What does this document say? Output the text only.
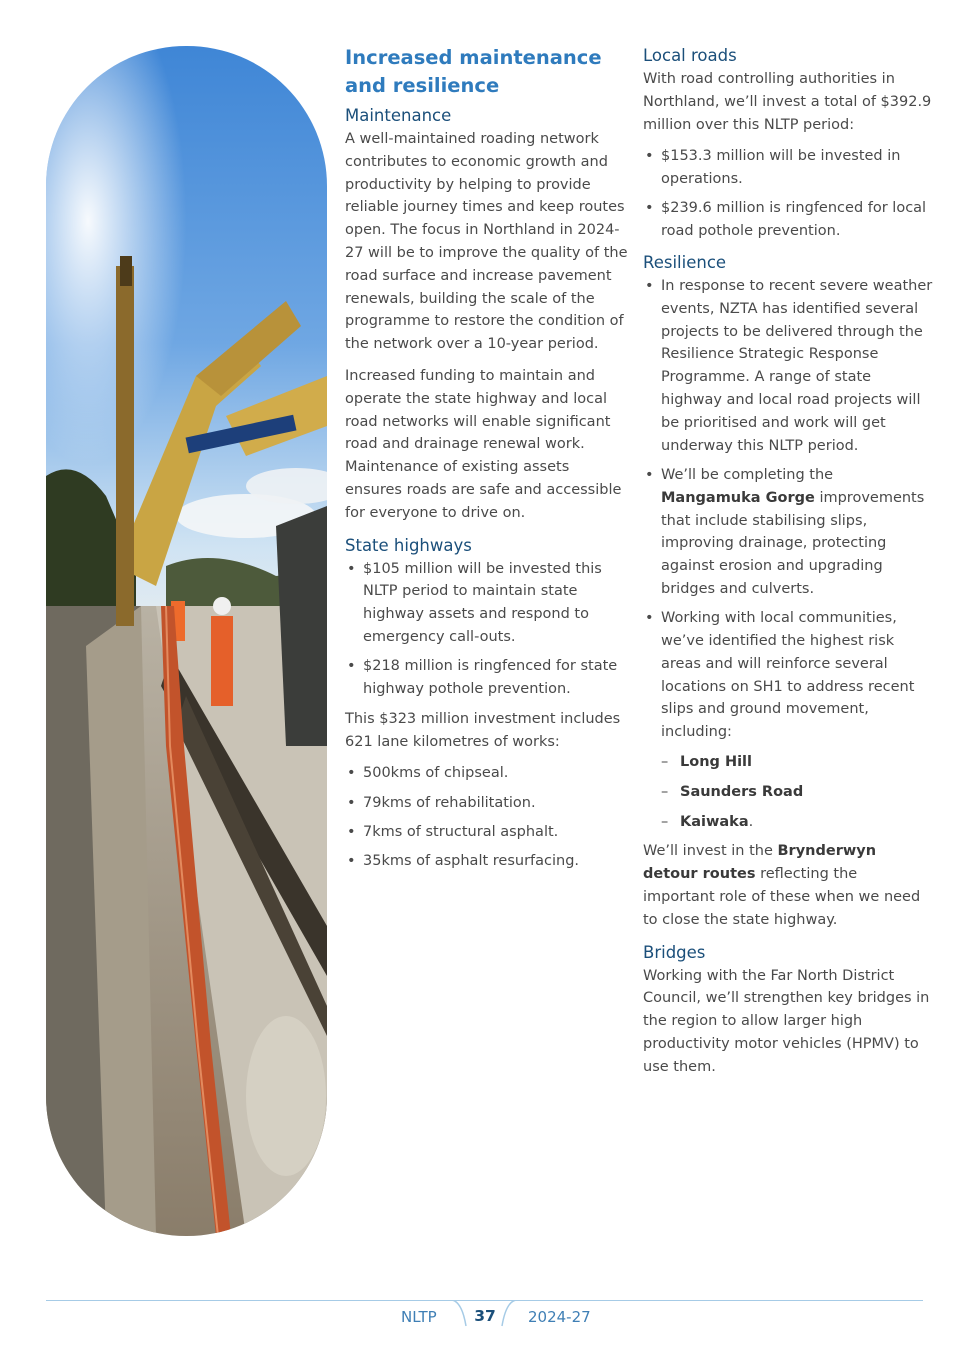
Increased maintenance and resilience
Maintenance

A well-maintained roading network contributes to economic growth and productivity by helping to provide reliable journey times and keep routes open. The focus in Northland in 2024-27 will be to improve the quality of the road surface and increase pavement renewals, building the scale of the programme to restore the condition of the network over a 10-year period.

Increased funding to maintain and operate the state highway and local road networks will enable significant road and drainage renewal work. Maintenance of existing assets ensures roads are safe and accessible for everyone to drive on.

State highways
• $105 million will be invested this NLTP period to maintain state highway assets and respond to emergency call-outs.
• $218 million is ringfenced for state highway pothole prevention.

This $323 million investment includes 621 lane kilometres of works:

• 500kms of chipseal.
• 79kms of rehabilitation.
• 7kms of structural asphalt.
• 35kms of asphalt resurfacing.
Local roads

With road controlling authorities in Northland, we’ll invest a total of $392.9 million over this NLTP period:

• $153.3 million will be invested in operations.
• $239.6 million is ringfenced for local road pothole prevention.
Resilience
• In response to recent severe weather events, NZTA has identified several projects to be delivered through the Resilience Strategic Response Programme. A range of state highway and local road projects will be prioritised and work will get underway this NLTP period.
• We’ll be completing the Mangamuka Gorge improvements that include stabilising slips, improving drainage, protecting against erosion and upgrading bridges and culverts.
• Working with local communities, we’ve identified the highest risk areas and will reinforce several locations on SH1 to address recent slips and ground movement, including:
– Long Hill
– Saunders Road
– Kaiwaka.

We’ll invest in the Brynderwyn detour routes reflecting the important role of these when we need to close the state highway.

Bridges

Working with the Far North District Council, we’ll strengthen key bridges in the region to allow larger high productivity motor vehicles (HPMV) to use them.

NLTP 37 2024-27
